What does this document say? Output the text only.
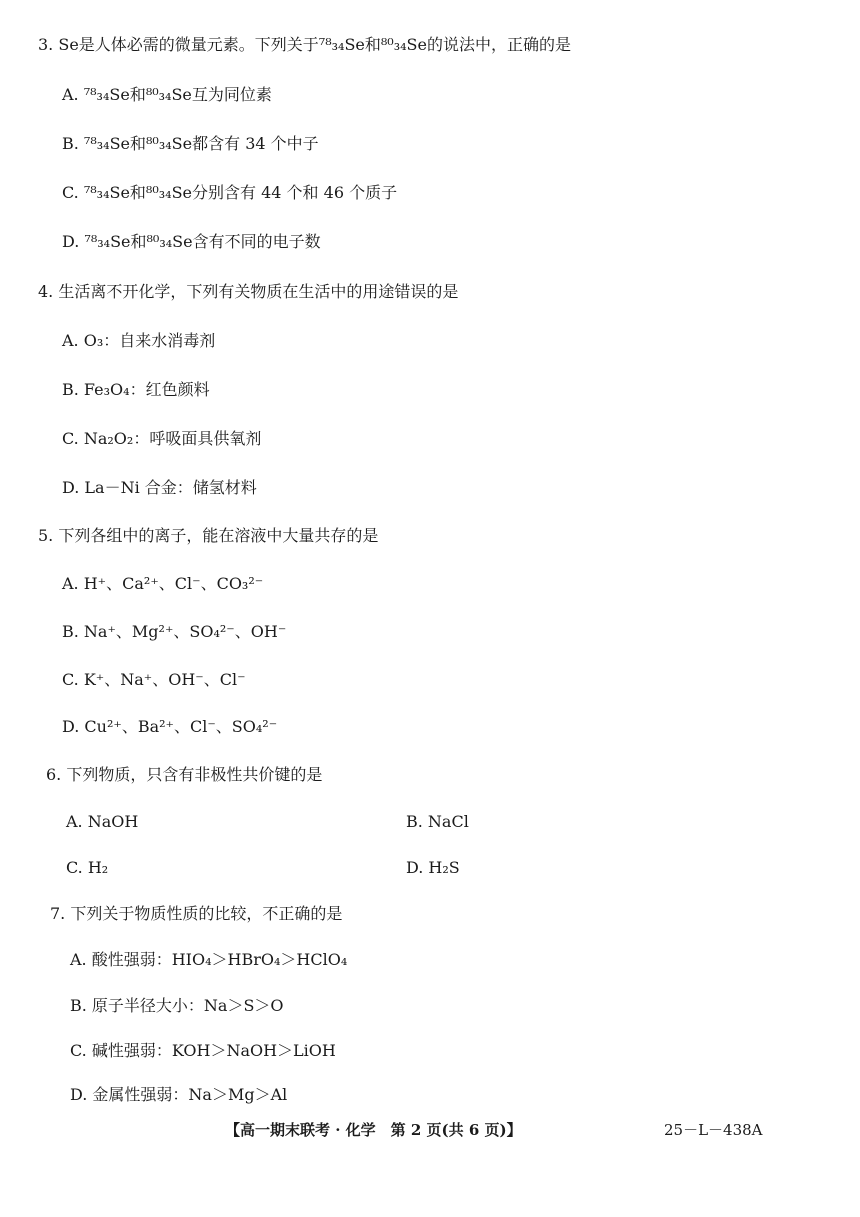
3. Se是人体必需的微量元素。下列关于⁷⁸₃₄Se和⁸⁰₃₄Se的说法中，正确的是
A. ⁷⁸₃₄Se和⁸⁰₃₄Se互为同位素
B. ⁷⁸₃₄Se和⁸⁰₃₄Se都含有 34 个中子
C. ⁷⁸₃₄Se和⁸⁰₃₄Se分别含有 44 个和 46 个质子
D. ⁷⁸₃₄Se和⁸⁰₃₄Se含有不同的电子数
4. 生活离不开化学，下列有关物质在生活中的用途错误的是
A. O₃：自来水消毒剂
B. Fe₃O₄：红色颜料
C. Na₂O₂：呼吸面具供氧剂
D. La－Ni 合金：储氢材料
5. 下列各组中的离子，能在溶液中大量共存的是
A. H⁺、Ca²⁺、Cl⁻、CO₃²⁻
B. Na⁺、Mg²⁺、SO₄²⁻、OH⁻
C. K⁺、Na⁺、OH⁻、Cl⁻
D. Cu²⁺、Ba²⁺、Cl⁻、SO₄²⁻
6. 下列物质，只含有非极性共价键的是
A. NaOH	B. NaCl
C. H₂	D. H₂S
7. 下列关于物质性质的比较，不正确的是
A. 酸性强弱：HIO₄＞HBrO₄＞HClO₄
B. 原子半径大小：Na＞S＞O
C. 碱性强弱：KOH＞NaOH＞LiOH
D. 金属性强弱：Na＞Mg＞Al
【高一期末联考 · 化学　第 2 页(共 6 页)】	25－L－438A
